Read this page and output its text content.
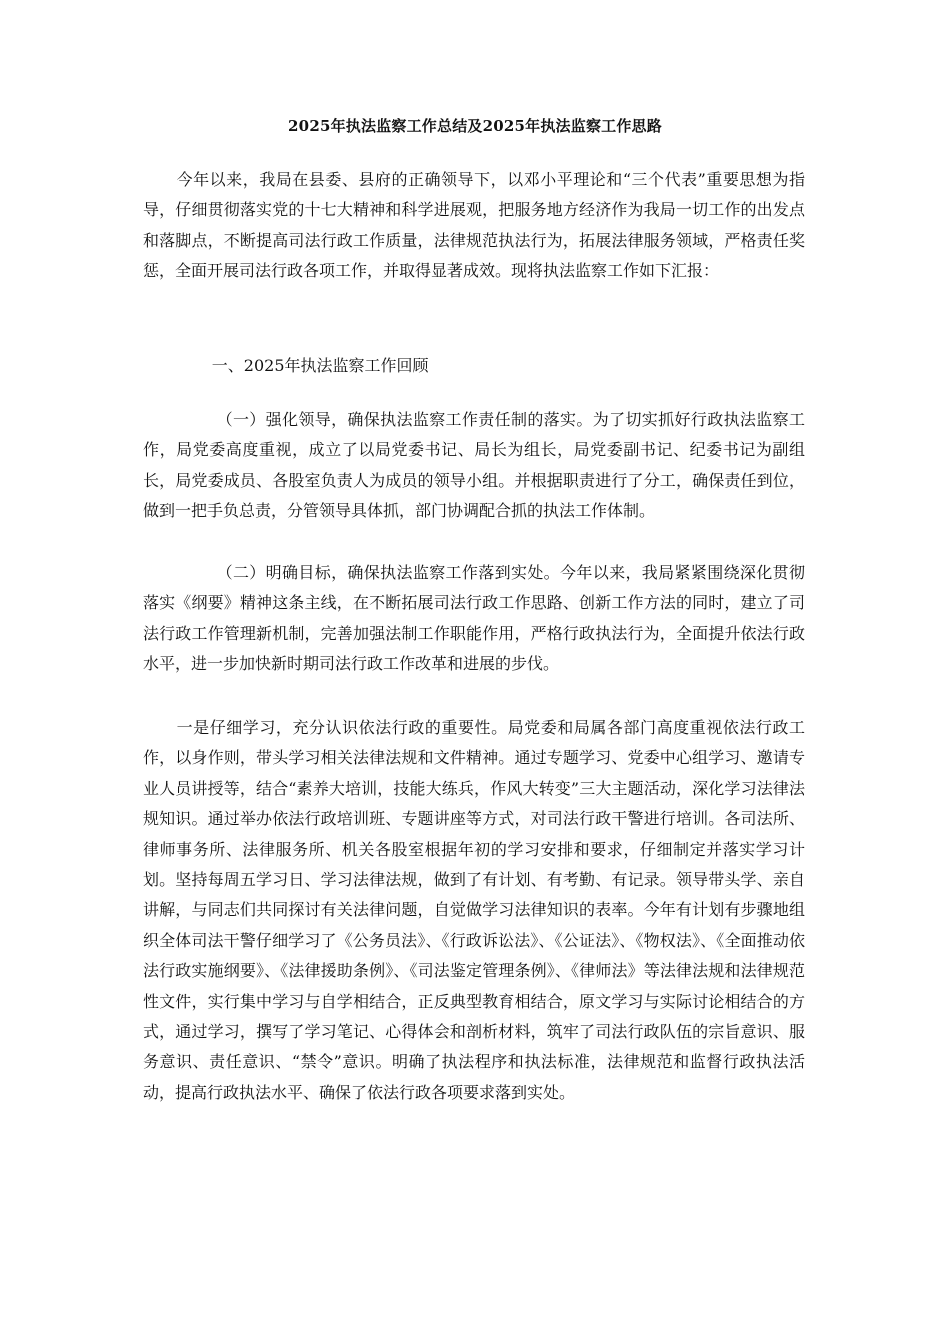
2025年执法监察工作总结及2025年执法监察工作思路

今年以来，我局在县委、县府的正确领导下，以邓小平理论和“三个代表”重要思想为指导，仔细贯彻落实党的十七大精神和科学进展观，把服务地方经济作为我局一切工作的出发点和落脚点，不断提高司法行政工作质量，法律规范执法行为，拓展法律服务领域，严格责任奖惩，全面开展司法行政各项工作，并取得显著成效。现将执法监察工作如下汇报：

一、2025年执法监察工作回顾

（一）强化领导，确保执法监察工作责任制的落实。为了切实抓好行政执法监察工作，局党委高度重视，成立了以局党委书记、局长为组长，局党委副书记、纪委书记为副组长，局党委成员、各股室负责人为成员的领导小组。并根据职责进行了分工，确保责任到位，做到一把手负总责，分管领导具体抓，部门协调配合抓的执法工作体制。

（二）明确目标，确保执法监察工作落到实处。今年以来，我局紧紧围绕深化贯彻落实《纲要》精神这条主线，在不断拓展司法行政工作思路、创新工作方法的同时，建立了司法行政工作管理新机制，完善加强法制工作职能作用，严格行政执法行为，全面提升依法行政水平，进一步加快新时期司法行政工作改革和进展的步伐。

一是仔细学习，充分认识依法行政的重要性。局党委和局属各部门高度重视依法行政工作，以身作则，带头学习相关法律法规和文件精神。通过专题学习、党委中心组学习、邀请专业人员讲授等，结合“素养大培训，技能大练兵，作风大转变”三大主题活动，深化学习法律法规知识。通过举办依法行政培训班、专题讲座等方式，对司法行政干警进行培训。各司法所、律师事务所、法律服务所、机关各股室根据年初的学习安排和要求，仔细制定并落实学习计划。坚持每周五学习日、学习法律法规，做到了有计划、有考勤、有记录。领导带头学、亲自讲解，与同志们共同探讨有关法律问题，自觉做学习法律知识的表率。今年有计划有步骤地组织全体司法干警仔细学习了《公务员法》、《行政诉讼法》、《公证法》、《物权法》、《全面推动依法行政实施纲要》、《法律援助条例》、《司法鉴定管理条例》、《律师法》等法律法规和法律规范性文件，实行集中学习与自学相结合，正反典型教育相结合，原文学习与实际讨论相结合的方式，通过学习，撰写了学习笔记、心得体会和剖析材料，筑牢了司法行政队伍的宗旨意识、服务意识、责任意识、“禁令”意识。明确了执法程序和执法标准，法律规范和监督行政执法活动，提高行政执法水平、确保了依法行政各项要求落到实处。
